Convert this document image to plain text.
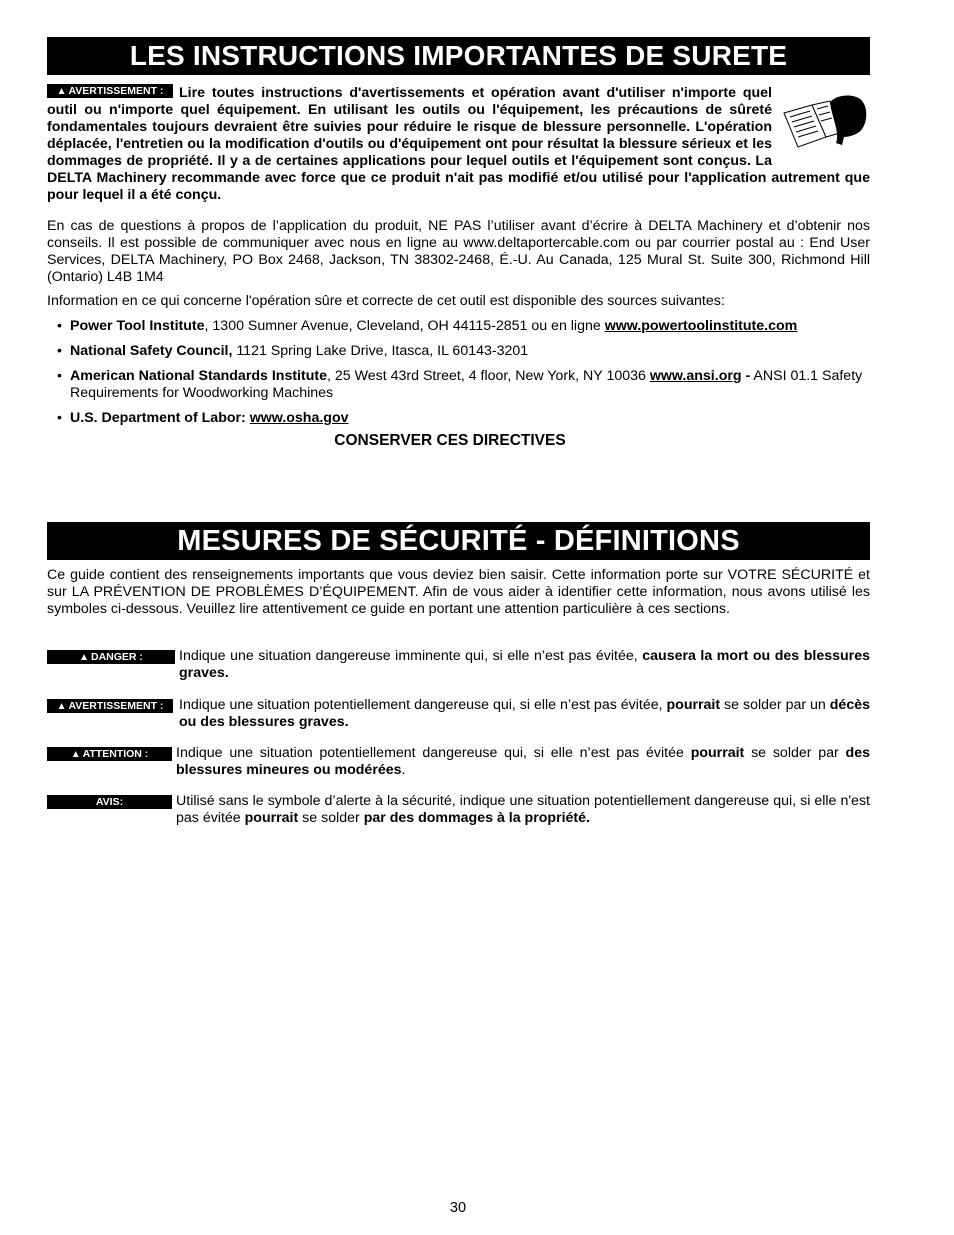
LES INSTRUCTIONS IMPORTANTES DE SURETE
▲ AVERTISSEMENT : Lire toutes instructions d'avertissements et opération avant d'utiliser n'importe quel outil ou n'importe quel équipement. En utilisant les outils ou l'équipement, les précautions de sûreté fondamentales toujours devraient être suivies pour réduire le risque de blessure personnelle. L'opération déplacée, l'entretien ou la modification d'outils ou d'équipement ont pour résultat la blessure sérieux et les dommages de propriété. Il y a de certaines applications pour lequel outils et l'équipement sont conçus. La DELTA Machinery recommande avec force que ce produit n'ait pas modifié et/ou utilisé pour l'application autrement que pour lequel il a été conçu.
En cas de questions à propos de l’application du produit, NE PAS l’utiliser avant d’écrire à DELTA Machinery et d’obtenir nos conseils. Il est possible de communiquer avec nous en ligne au www.deltaportercable.com ou par courrier postal au : End User Services, DELTA Machinery, PO Box 2468, Jackson, TN 38302-2468, É.-U. Au Canada, 125 Mural St. Suite 300, Richmond Hill (Ontario) L4B 1M4
Information en ce qui concerne l'opération sûre et correcte de cet outil est disponible des sources suivantes:
• Power Tool Institute, 1300 Sumner Avenue, Cleveland, OH 44115-2851 ou en ligne www.powertoolinstitute.com
• National Safety Council, 1121 Spring Lake Drive, Itasca, IL 60143-3201
• American National Standards Institute, 25 West 43rd Street, 4 floor, New York, NY 10036 www.ansi.org - ANSI 01.1 Safety Requirements for Woodworking Machines
• U.S. Department of Labor: www.osha.gov
CONSERVER CES DIRECTIVES
MESURES DE SÉCURITÉ - DÉFINITIONS
Ce guide contient des renseignements importants que vous deviez bien saisir. Cette information porte sur VOTRE SÉCURITÉ et sur LA PRÉVENTION DE PROBLÈMES D’ÉQUIPEMENT. Afin de vous aider à identifier cette information, nous avons utilisé les symboles ci-dessous. Veuillez lire attentivement ce guide en portant une attention particulière à ces sections.
▲ DANGER :	Indique une situation dangereuse imminente qui, si elle n’est pas évitée, causera la mort ou des blessures graves.
▲ AVERTISSEMENT :	Indique une situation potentiellement dangereuse qui, si elle n’est pas évitée, pourrait se solder par un décès ou des blessures graves.
▲ ATTENTION :	Indique une situation potentiellement dangereuse qui, si elle n’est pas évitée pourrait se solder par des blessures mineures ou modérées.
AVIS:	Utilisé sans le symbole d’alerte à la sécurité, indique une situation potentiellement dangereuse qui, si elle n'est pas évitée pourrait se solder par des dommages à la propriété.
30
